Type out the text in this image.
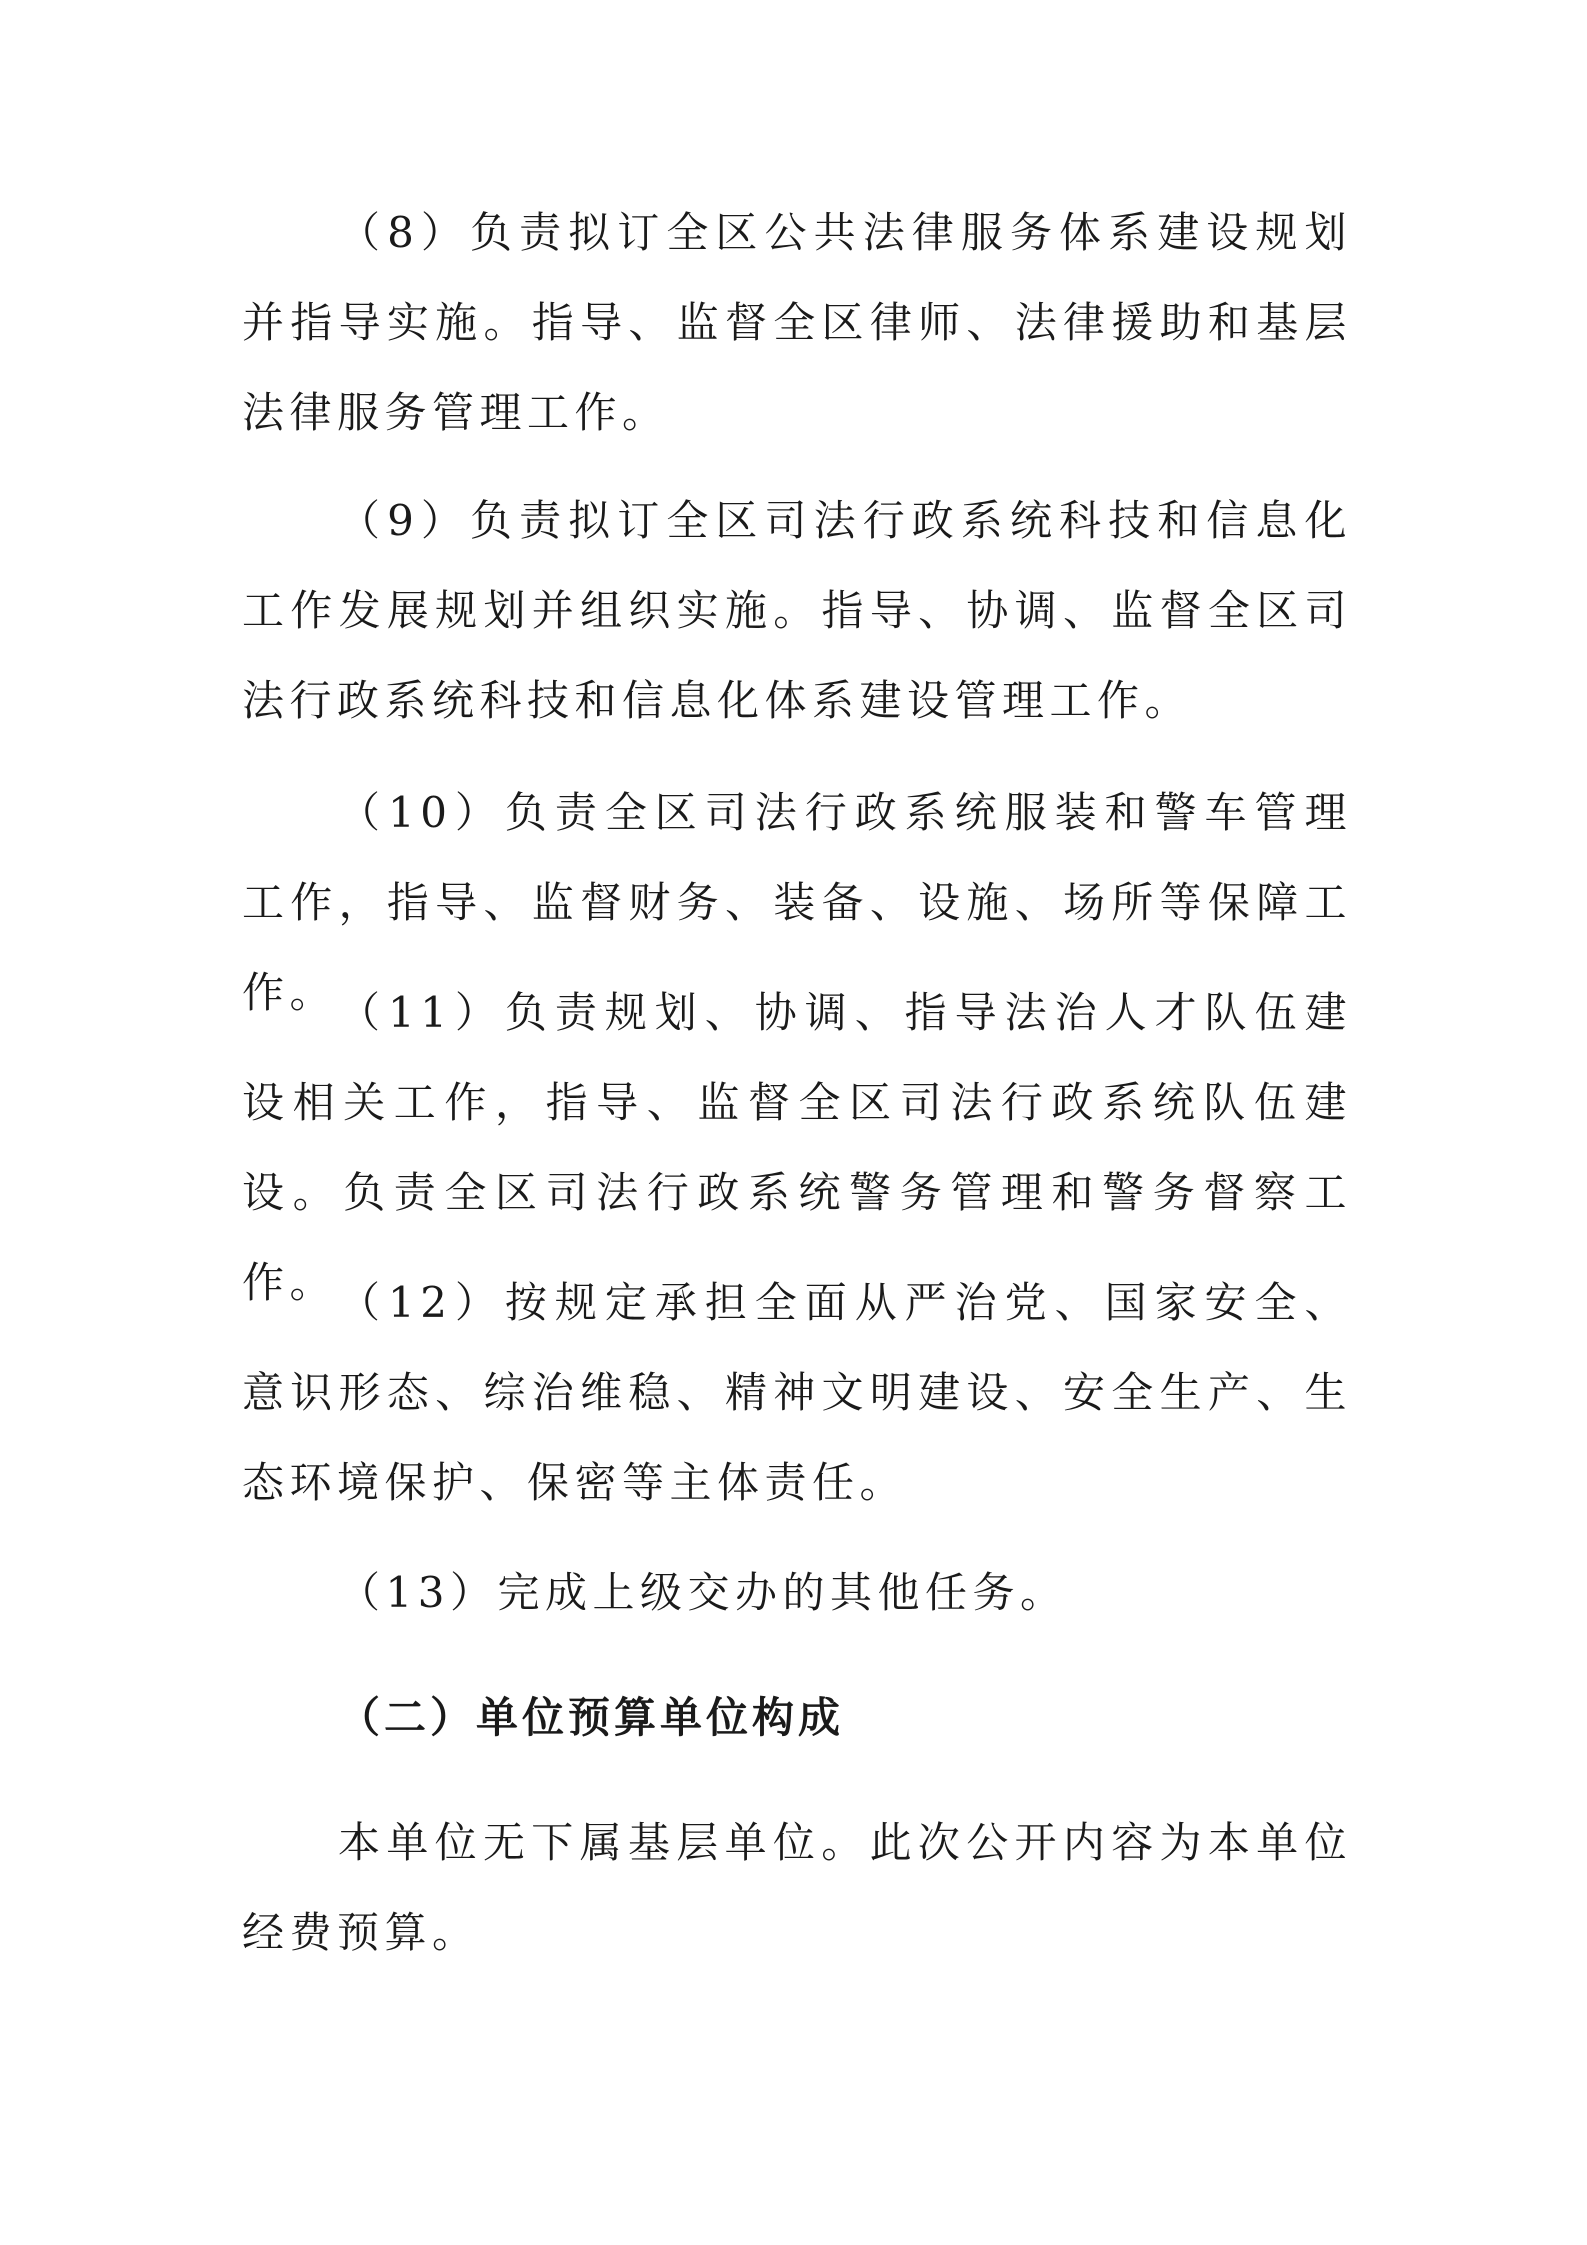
（8）负责拟订全区公共法律服务体系建设规划并指导实施。指导、监督全区律师、法律援助和基层法律服务管理工作。

（9）负责拟订全区司法行政系统科技和信息化工作发展规划并组织实施。指导、协调、监督全区司法行政系统科技和信息化体系建设管理工作。

（10）负责全区司法行政系统服装和警车管理工作，指导、监督财务、装备、设施、场所等保障工作。 （11）负责规划、协调、指导法治人才队伍建设相关工作，指导、监督全区司法行政系统队伍建设。负责全区司法行政系统警务管理和警务督察工作。 （12）按规定承担全面从严治党、国家安全、意识形态、综治维稳、精神文明建设、安全生产、生态环境保护、保密等主体责任。

（13）完成上级交办的其他任务。

（二）单位预算单位构成

本单位无下属基层单位。此次公开内容为本单位经费预算。
